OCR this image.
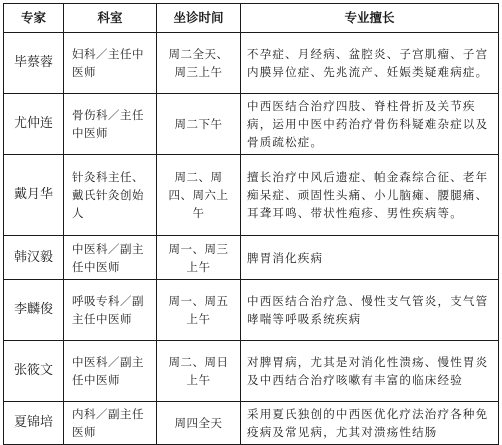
专家	科室	坐诊时间	专业擅长
毕蔡蓉	妇科／主任中医师	周二全天、周三上午	不孕症、月经病、盆腔炎、子宫肌瘤、子宫内膜异位症、先兆流产、妊娠类疑难病症。
尤仲连	骨伤科／主任中医师	周二下午	中西医结合治疗四肢、脊柱骨折及关节疾病，运用中医中药治疗骨伤科疑难杂症以及骨质疏松症。
戴月华	针灸科主任、戴氏针灸创始人	周二、周四、周六上午	擅长治疗中风后遗症、帕金森综合征、老年痴呆症、顽固性头痛、小儿脑瘫、腰腿痛、耳聋耳鸣、带状性疱疹、男性疾病等。
韩汉毅	中医科／副主任中医师	周一、周三上午	脾胃消化疾病
李麟俊	呼吸专科／副主任中医师	周一、周五上午	中西医结合治疗急、慢性支气管炎，支气管哮喘等呼吸系统疾病
张筱文	中医科／副主任中医师	周二、周日上午	对脾胃病，尤其是对消化性溃疡、慢性胃炎及中西结合治疗咳嗽有丰富的临床经验
夏锦培	内科／副主任医师	周四全天	采用夏氏独创的中西医优化疗法治疗各种免疫病及常见病，尤其对溃疡性结肠
